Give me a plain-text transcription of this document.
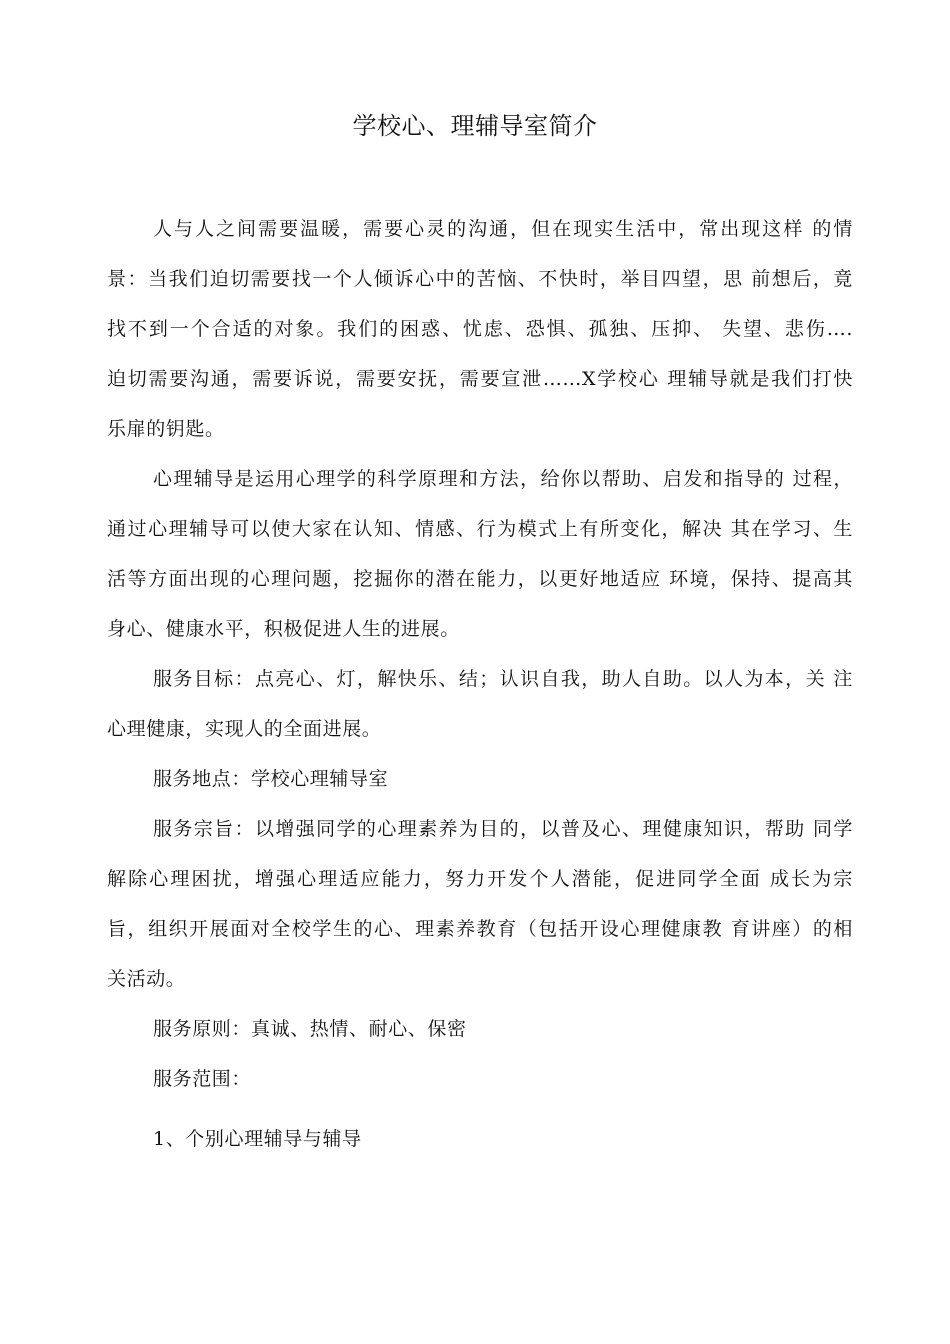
学校心、理辅导室简介
人与人之间需要温暖，需要心灵的沟通，但在现实生活中，常出现这样 的情
景：当我们迫切需要找一个人倾诉心中的苦恼、不快时，举目四望，思 前想后，竟
找不到一个合适的对象。我们的困惑、忧虑、恐惧、孤独、压抑、 失望、悲伤….
迫切需要沟通，需要诉说，需要安抚，需要宣泄……X学校心 理辅导就是我们打快
乐扉的钥匙。
心理辅导是运用心理学的科学原理和方法，给你以帮助、启发和指导的 过程，
通过心理辅导可以使大家在认知、情感、行为模式上有所变化，解决 其在学习、生
活等方面出现的心理问题，挖掘你的潜在能力，以更好地适应 环境，保持、提高其
身心、健康水平，积极促进人生的进展。
服务目标：点亮心、灯，解快乐、结；认识自我，助人自助。以人为本，关 注
心理健康，实现人的全面进展。

服务地点：学校心理辅导室

服务宗旨：以增强同学的心理素养为目的，以普及心、理健康知识，帮助 同学
解除心理困扰，增强心理适应能力，努力开发个人潜能，促进同学全面 成长为宗
旨，组织开展面对全校学生的心、理素养教育（包括开设心理健康教 育讲座）的相
关活动。

服务原则：真诚、热情、耐心、保密

服务范围：

1、个别心理辅导与辅导
